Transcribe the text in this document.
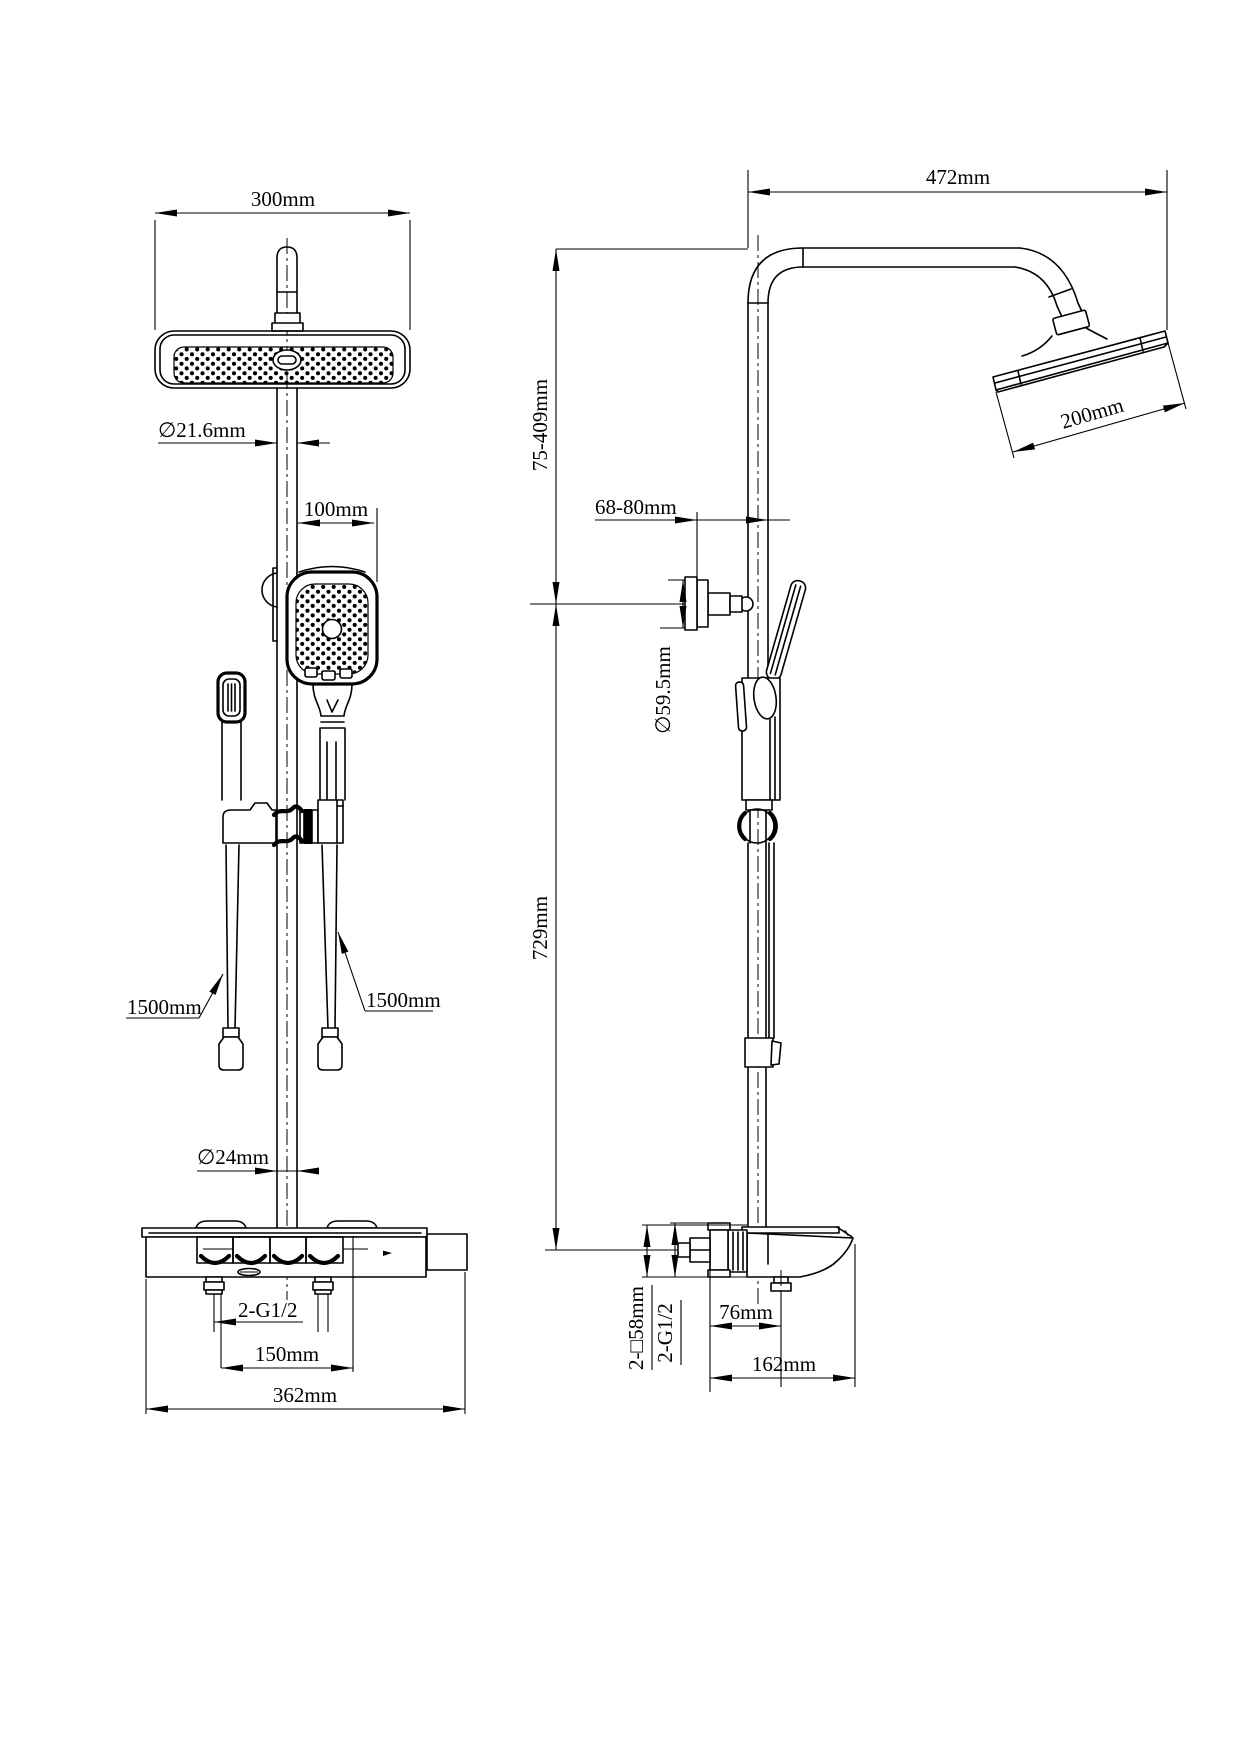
300mm
∅21.6mm
100mm
1500mm	1500mm
∅24mm
2-G1/2
150mm
362mm
472mm
200mm
75-409mm
729mm
68-80mm
∅59.5mm
2-□58mm 2-G1/2 76mm
162mm
